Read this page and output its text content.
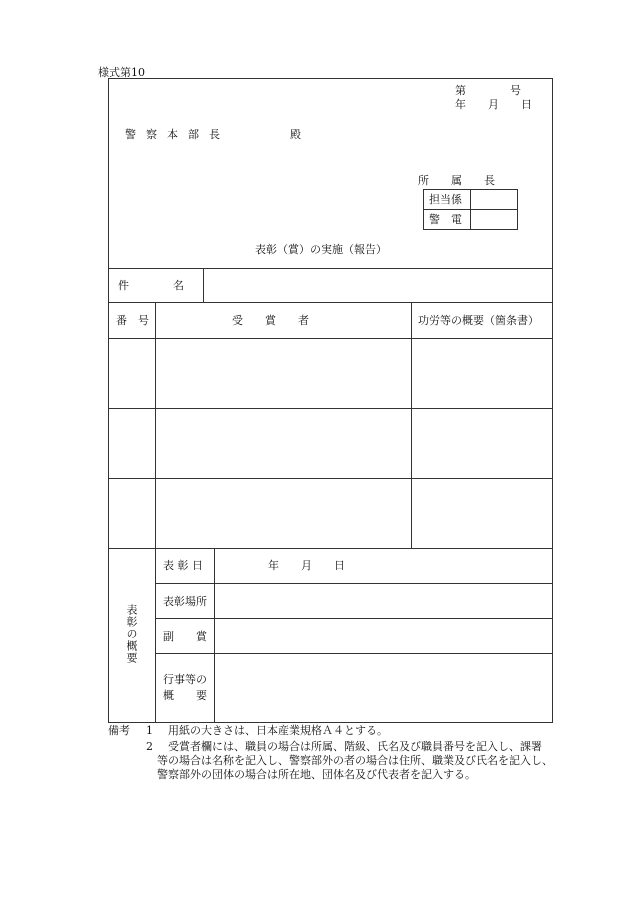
様式第10
第　　　　号
年　　月　　日
警察本部長	殿
所　　属　　長
担当係
警　電
表彰（賞）の実施（報告）
件　　　　名
番　号	受　　賞　　者	功労等の概要（箇条書）
表彰の概要
表 彰 日	年　　月　　日
表彰場所
副　　賞
行事等の
概　　要
備考 1 用紙の大きさは、日本産業規格Ａ４とする。
2 受賞者欄には、職員の場合は所属、階級、氏名及び職員番号を記入し、課署
等の場合は名称を記入し、警察部外の者の場合は住所、職業及び氏名を記入し、
警察部外の団体の場合は所在地、団体名及び代表者を記入する。
